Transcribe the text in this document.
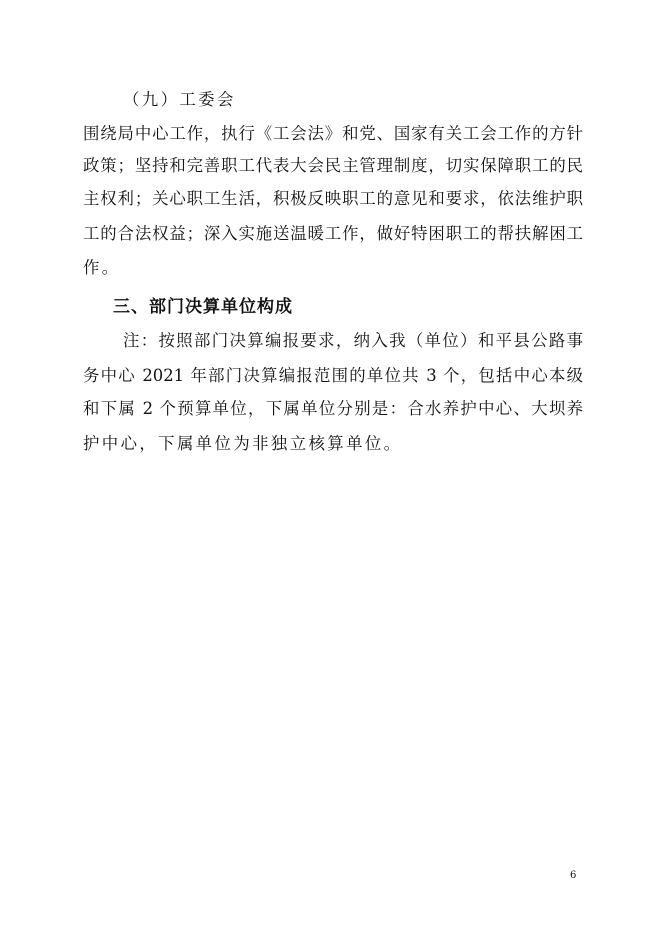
（九）工委会
围绕局中心工作，执行《工会法》和党、国家有关工会工作的方针
政策；坚持和完善职工代表大会民主管理制度，切实保障职工的民
主权利；关心职工生活，积极反映职工的意见和要求，依法维护职
工的合法权益；深入实施送温暖工作，做好特困职工的帮扶解困工
作。
三、部门决算单位构成
注：按照部门决算编报要求，纳入我（单位）和平县公路事
务中心 2021 年部门决算编报范围的单位共 3 个，包括中心本级
和下属 2 个预算单位，下属单位分别是：合水养护中心、大坝养
护中心，下属单位为非独立核算单位。
6
